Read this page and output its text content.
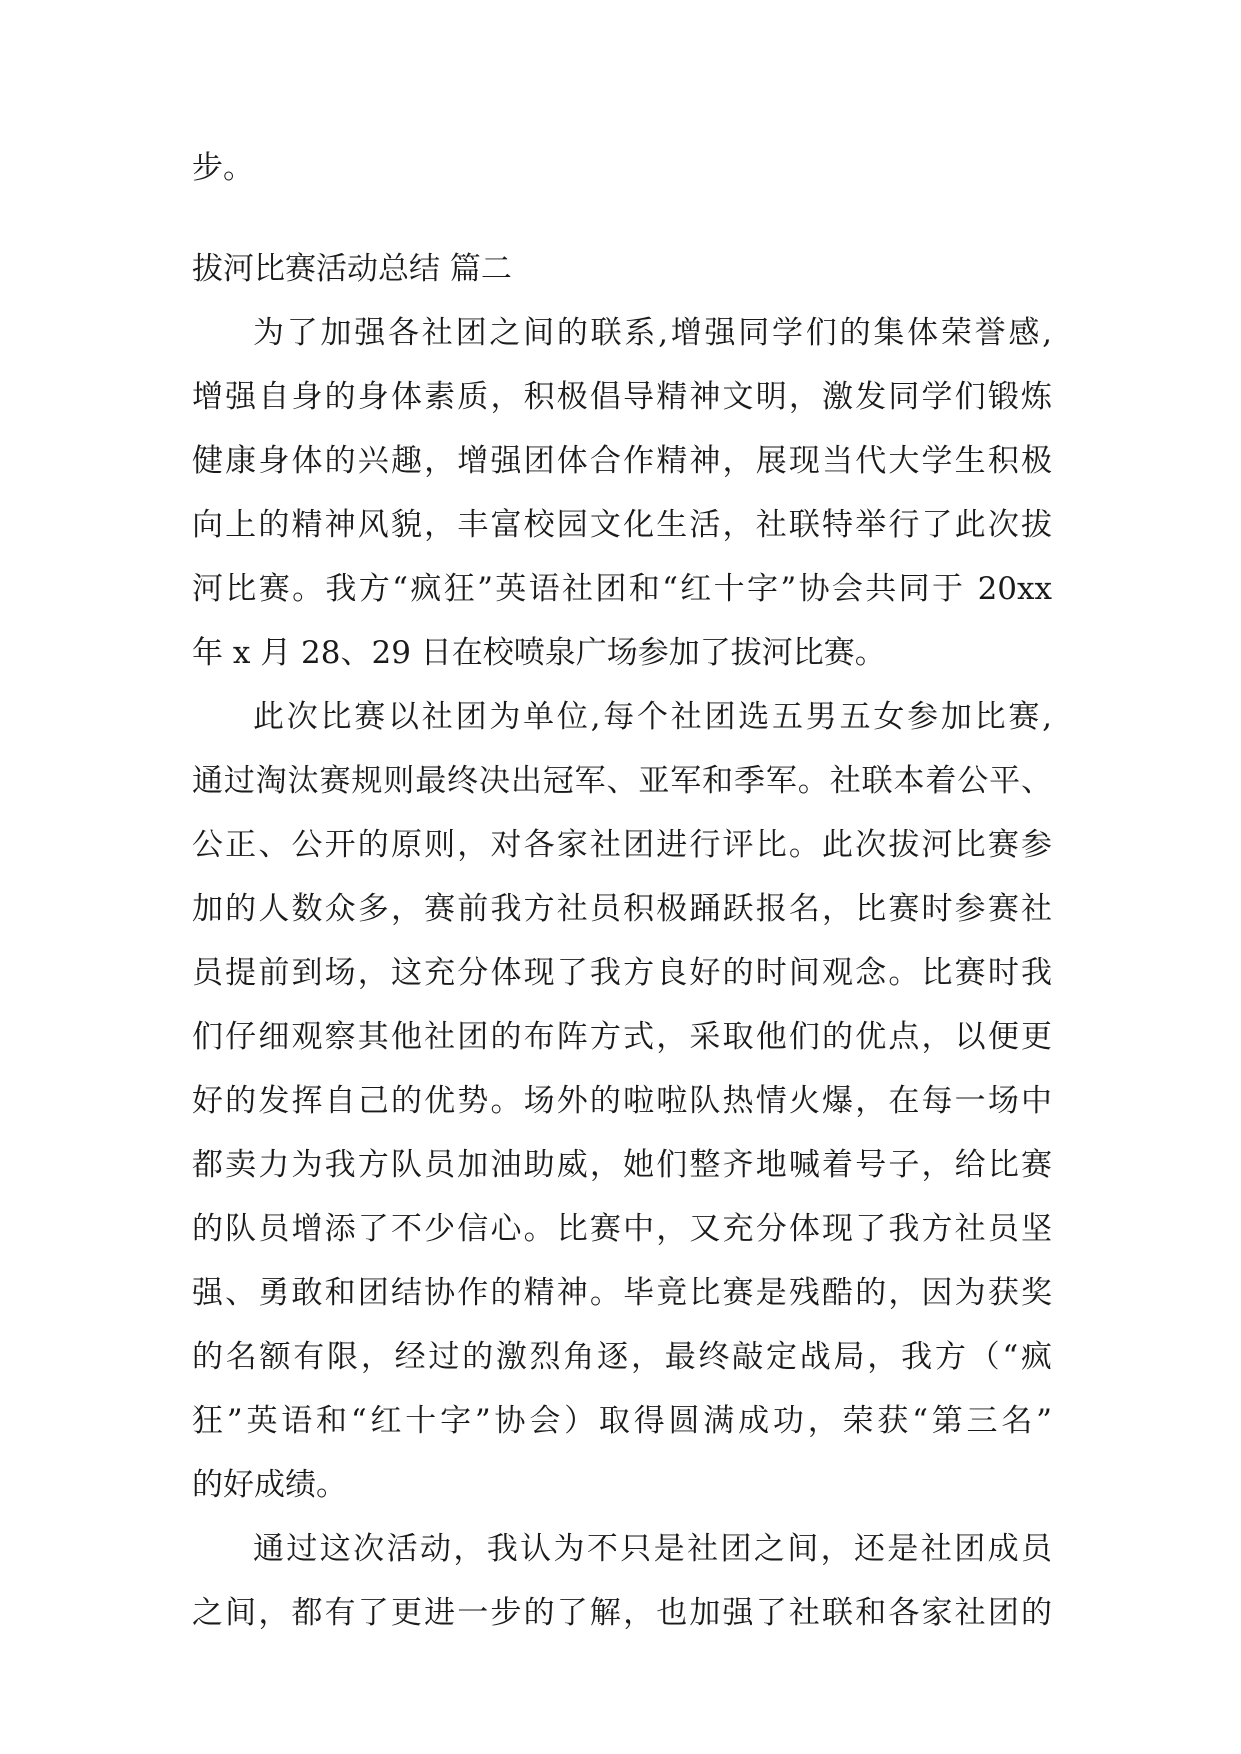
步。
拔河比赛活动总结 篇二
为了加强各社团之间的联系,增强同学们的集体荣誉感,
增强自身的身体素质，积极倡导精神文明，激发同学们锻炼
健康身体的兴趣，增强团体合作精神，展现当代大学生积极
向上的精神风貌，丰富校园文化生活，社联特举行了此次拔
河比赛。我方“疯狂”英语社团和“红十字”协会共同于 20xx
年 x 月 28、29 日在校喷泉广场参加了拔河比赛。
此次比赛以社团为单位,每个社团选五男五女参加比赛,
通过淘汰赛规则最终决出冠军、亚军和季军。社联本着公平、
公正、公开的原则，对各家社团进行评比。此次拔河比赛参
加的人数众多，赛前我方社员积极踊跃报名，比赛时参赛社
员提前到场，这充分体现了我方良好的时间观念。比赛时我
们仔细观察其他社团的布阵方式，采取他们的优点，以便更
好的发挥自己的优势。场外的啦啦队热情火爆，在每一场中
都卖力为我方队员加油助威，她们整齐地喊着号子，给比赛
的队员增添了不少信心。比赛中，又充分体现了我方社员坚
强、勇敢和团结协作的精神。毕竟比赛是残酷的，因为获奖
的名额有限，经过的激烈角逐，最终敲定战局，我方（“疯
狂”英语和“红十字”协会）取得圆满成功，荣获“第三名”
的好成绩。
通过这次活动，我认为不只是社团之间，还是社团成员
之间，都有了更进一步的了解，也加强了社联和各家社团的
